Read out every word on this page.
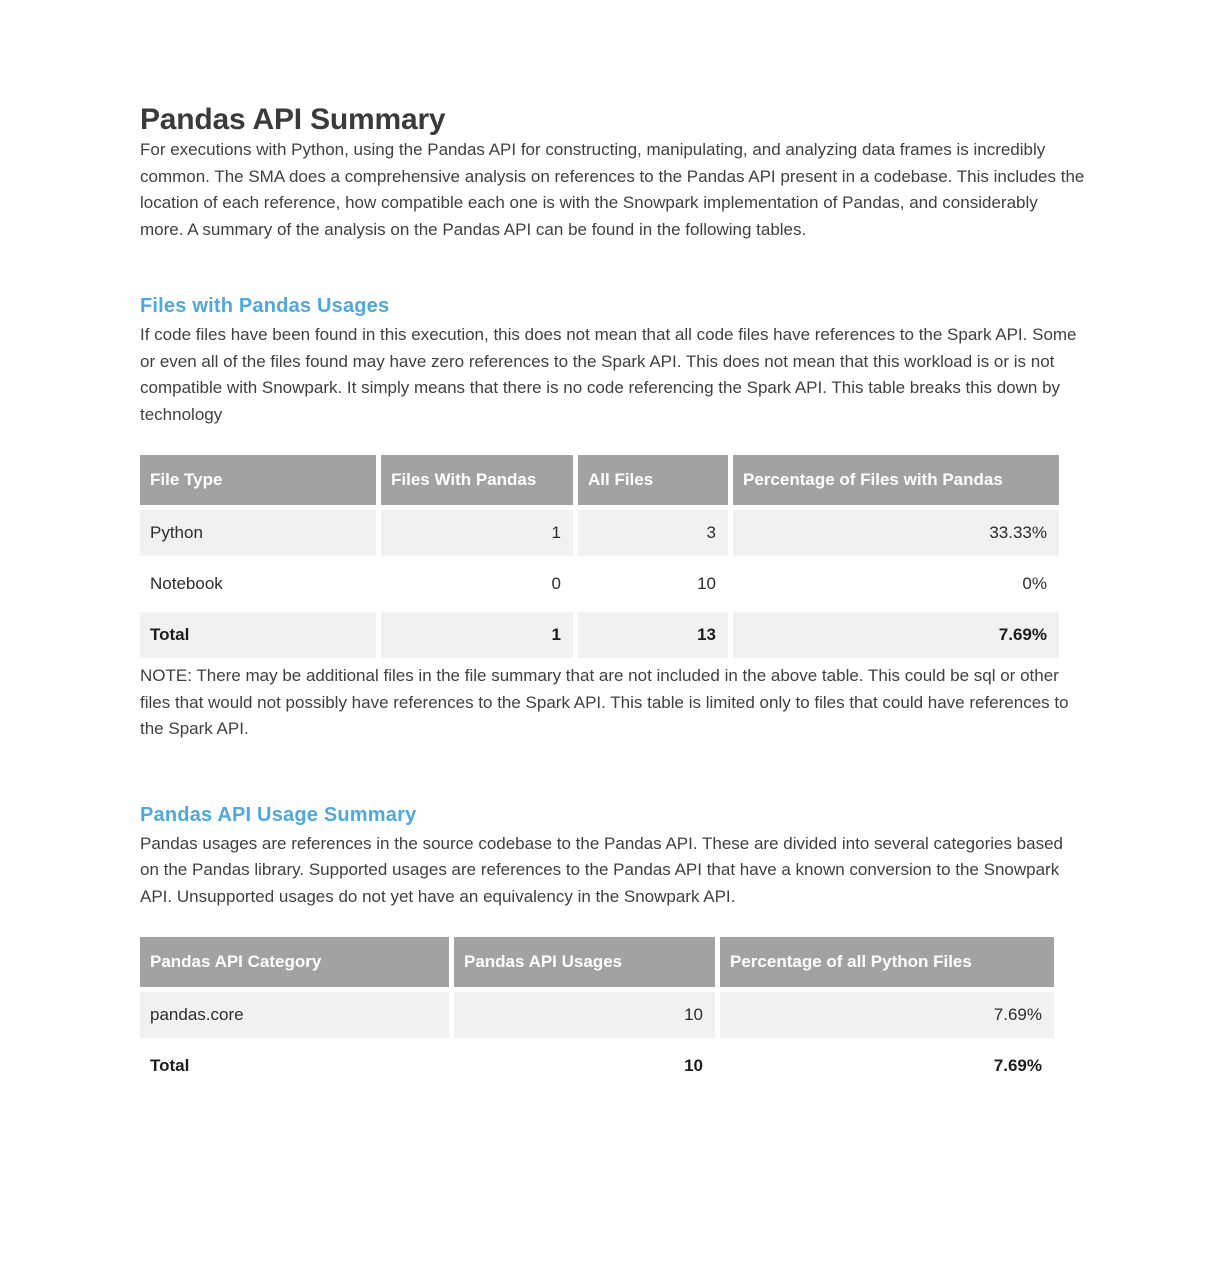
Pandas API Summary

For executions with Python, using the Pandas API for constructing, manipulating, and analyzing data frames is incredibly common. The SMA does a comprehensive analysis on references to the Pandas API present in a codebase. This includes the location of each reference, how compatible each one is with the Snowpark implementation of Pandas, and considerably more. A summary of the analysis on the Pandas API can be found in the following tables.

Files with Pandas Usages

If code files have been found in this execution, this does not mean that all code files have references to the Spark API. Some or even all of the files found may have zero references to the Spark API. This does not mean that this workload is or is not compatible with Snowpark. It simply means that there is no code referencing the Spark API. This table breaks this down by technology

File Type	Files With Pandas	All Files	Percentage of Files with Pandas
Python	1	3	33.33%
Notebook	0	10	0%
Total	1	13	7.69%

NOTE: There may be additional files in the file summary that are not included in the above table. This could be sql or other files that would not possibly have references to the Spark API. This table is limited only to files that could have references to the Spark API.

Pandas API Usage Summary

Pandas usages are references in the source codebase to the Pandas API. These are divided into several categories based on the Pandas library. Supported usages are references to the Pandas API that have a known conversion to the Snowpark API. Unsupported usages do not yet have an equivalency in the Snowpark API.

Pandas API Category	Pandas API Usages	Percentage of all Python Files
pandas.core	10	7.69%
Total	10	7.69%
